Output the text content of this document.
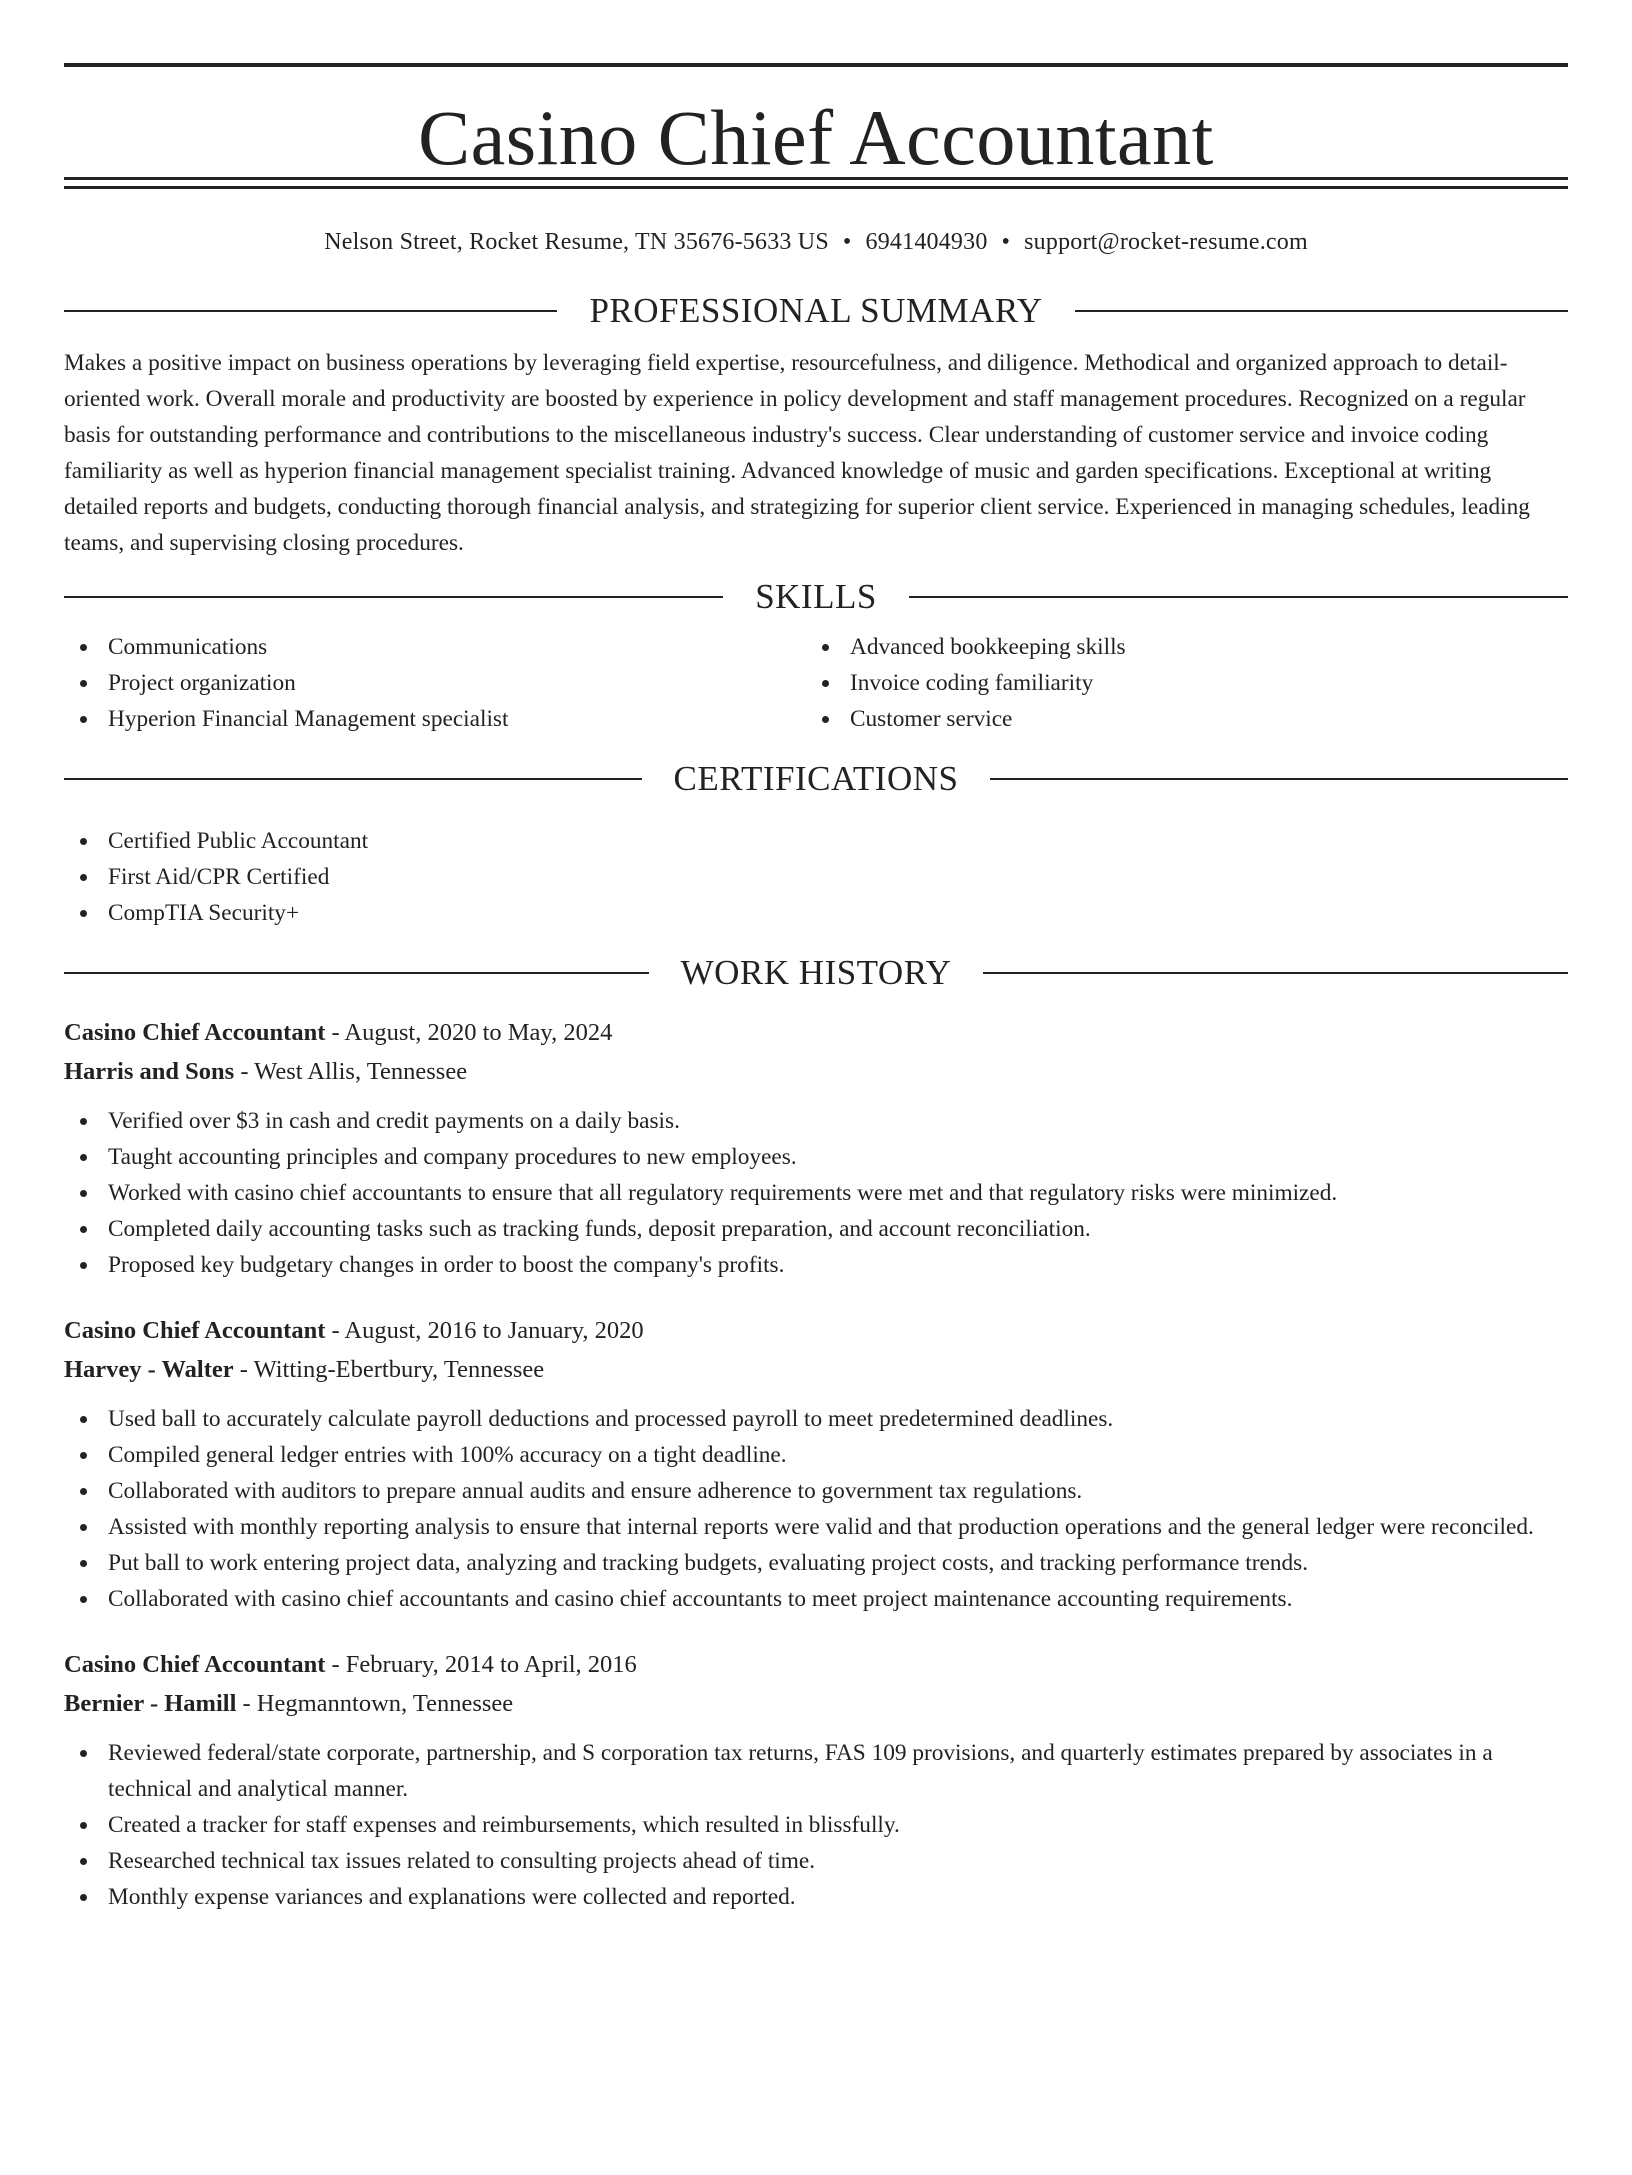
Casino Chief Accountant
Nelson Street, Rocket Resume, TN 35676-5633 US • 6941404930 • support@rocket-resume.com
PROFESSIONAL SUMMARY

Makes a positive impact on business operations by leveraging field expertise, resourcefulness, and diligence. Methodical and organized approach to detail-oriented work. Overall morale and productivity are boosted by experience in policy development and staff management procedures. Recognized on a regular basis for outstanding performance and contributions to the miscellaneous industry's success. Clear understanding of customer service and invoice coding familiarity as well as hyperion financial management specialist training. Advanced knowledge of music and garden specifications. Exceptional at writing detailed reports and budgets, conducting thorough financial analysis, and strategizing for superior client service. Experienced in managing schedules, leading teams, and supervising closing procedures.

SKILLS
Communications
Project organization
Hyperion Financial Management specialist
Advanced bookkeeping skills
Invoice coding familiarity
Customer service
CERTIFICATIONS
Certified Public Accountant
First Aid/CPR Certified
CompTIA Security+
WORK HISTORY
Casino Chief Accountant - August, 2020 to May, 2024
Harris and Sons - West Allis, Tennessee
Verified over $3 in cash and credit payments on a daily basis.
Taught accounting principles and company procedures to new employees.
Worked with casino chief accountants to ensure that all regulatory requirements were met and that regulatory risks were minimized.
Completed daily accounting tasks such as tracking funds, deposit preparation, and account reconciliation.
Proposed key budgetary changes in order to boost the company's profits.
Casino Chief Accountant - August, 2016 to January, 2020
Harvey - Walter - Witting-Ebertbury, Tennessee
Used ball to accurately calculate payroll deductions and processed payroll to meet predetermined deadlines.
Compiled general ledger entries with 100% accuracy on a tight deadline.
Collaborated with auditors to prepare annual audits and ensure adherence to government tax regulations.
Assisted with monthly reporting analysis to ensure that internal reports were valid and that production operations and the general ledger were reconciled.
Put ball to work entering project data, analyzing and tracking budgets, evaluating project costs, and tracking performance trends.
Collaborated with casino chief accountants and casino chief accountants to meet project maintenance accounting requirements.
Casino Chief Accountant - February, 2014 to April, 2016
Bernier - Hamill - Hegmanntown, Tennessee
Reviewed federal/state corporate, partnership, and S corporation tax returns, FAS 109 provisions, and quarterly estimates prepared by associates in a technical and analytical manner.
Created a tracker for staff expenses and reimbursements, which resulted in blissfully.
Researched technical tax issues related to consulting projects ahead of time.
Monthly expense variances and explanations were collected and reported.
